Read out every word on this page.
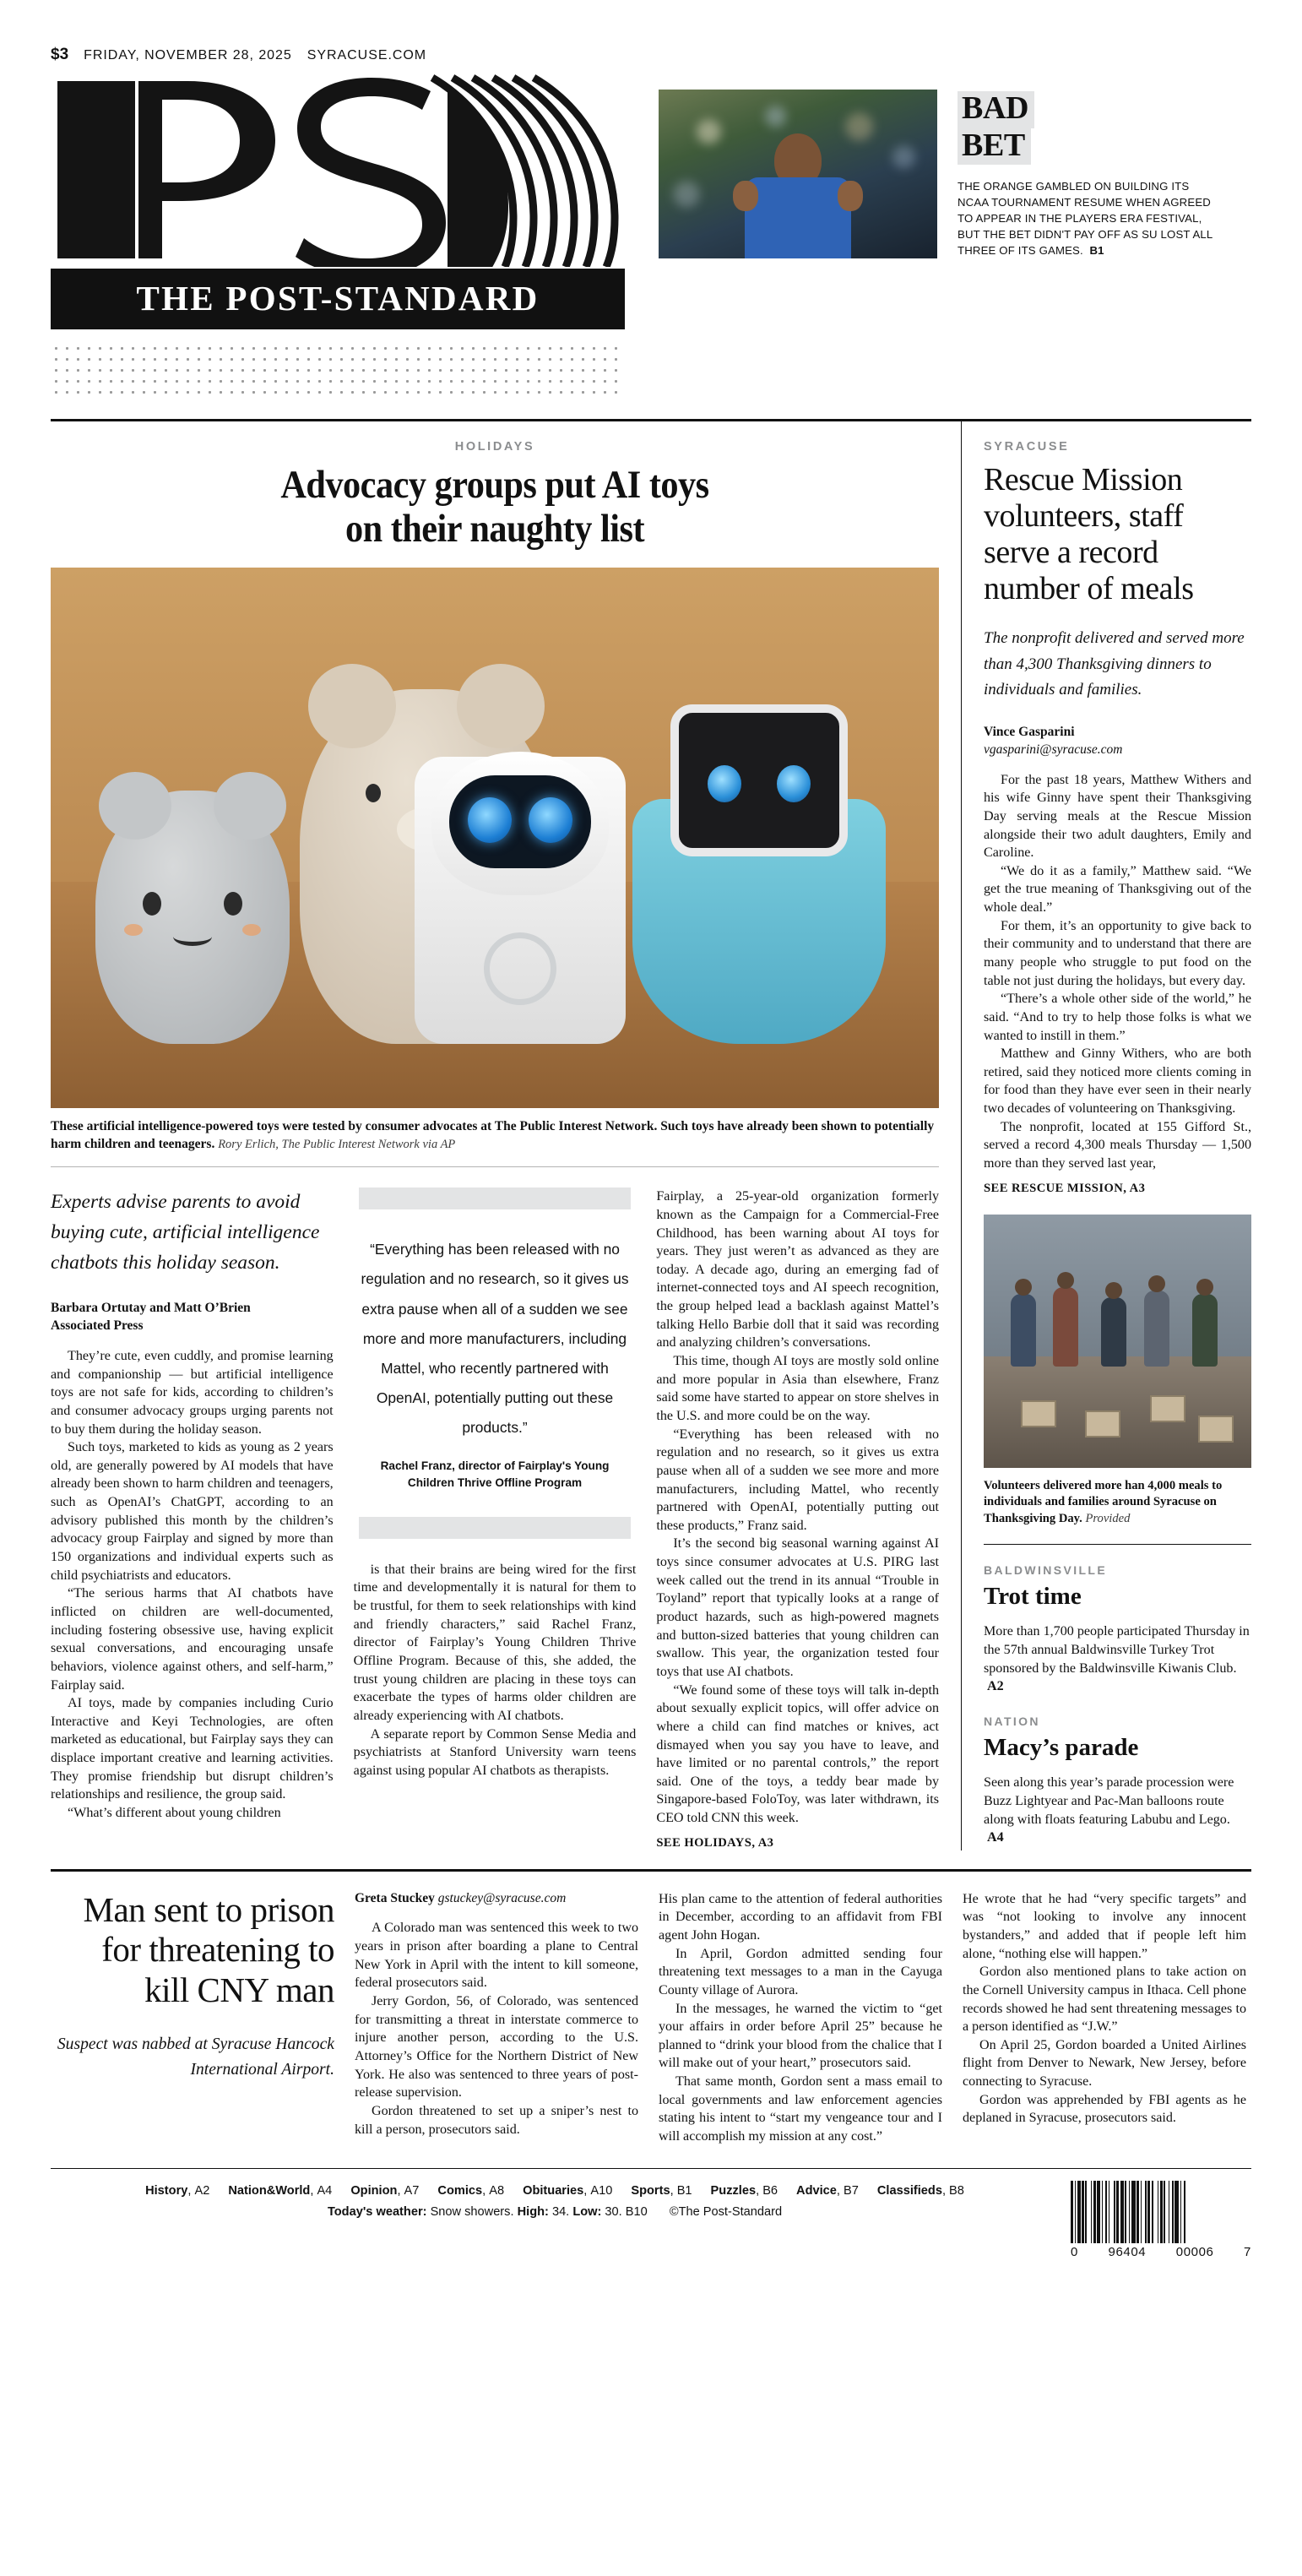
$3 FRIDAY, NOVEMBER 28, 2025 SYRACUSE.COM
THE POST-STANDARD
BAD
BET
THE ORANGE GAMBLED ON BUILDING ITS NCAA TOURNAMENT RESUME WHEN AGREED TO APPEAR IN THE PLAYERS ERA FESTIVAL, BUT THE BET DIDN'T PAY OFF AS SU LOST ALL THREE OF ITS GAMES. B1
HOLIDAYS
Advocacy groups put AI toys
on their naughty list
These artificial intelligence-powered toys were tested by consumer advocates at The Public Interest Network. Such toys have already been shown to potentially harm children and teenagers. Rory Erlich, The Public Interest Network via AP
Experts advise parents to avoid buying cute, artificial intelligence chatbots this holiday season.
Barbara Ortutay and Matt O’Brien
Associated Press

They’re cute, even cuddly, and promise learning and companionship — but artificial intelligence toys are not safe for kids, according to children’s and consumer advocacy groups urging parents not to buy them during the holiday season.

Such toys, marketed to kids as young as 2 years old, are generally powered by AI models that have already been shown to harm children and teenagers, such as OpenAI’s ChatGPT, according to an advisory published this month by the children’s advocacy group Fairplay and signed by more than 150 organizations and individual experts such as child psychiatrists and educators.

“The serious harms that AI chatbots have inflicted on children are well-documented, including fostering obsessive use, having explicit sexual conversations, and encouraging unsafe behaviors, violence against others, and self-harm,” Fairplay said.

AI toys, made by companies including Curio Interactive and Keyi Technologies, are often marketed as educational, but Fairplay says they can displace important creative and learning activities. They promise friendship but disrupt children’s relationships and resilience, the group said.

“What’s different about young children

“Everything has been released with no regulation and no research, so it gives us extra pause when all of a sudden we see more and more manufacturers, including Mattel, who recently partnered with OpenAI, potentially putting out these products.”
Rachel Franz, director of Fairplay's Young Children Thrive Offline Program

is that their brains are being wired for the first time and developmentally it is natural for them to be trustful, for them to seek relationships with kind and friendly characters,” said Rachel Franz, director of Fairplay’s Young Children Thrive Offline Program. Because of this, she added, the trust young children are placing in these toys can exacerbate the types of harms older children are already experiencing with AI chatbots.

A separate report by Common Sense Media and psychiatrists at Stanford University warn teens against using popular AI chatbots as therapists.

Fairplay, a 25-year-old organization formerly known as the Campaign for a Commercial-Free Childhood, has been warning about AI toys for years. They just weren’t as advanced as they are today. A decade ago, during an emerging fad of internet-connected toys and AI speech recognition, the group helped lead a backlash against Mattel’s talking Hello Barbie doll that it said was recording and analyzing children’s conversations.

This time, though AI toys are mostly sold online and more popular in Asia than elsewhere, Franz said some have started to appear on store shelves in the U.S. and more could be on the way.

“Everything has been released with no regulation and no research, so it gives us extra pause when all of a sudden we see more and more manufacturers, including Mattel, who recently partnered with OpenAI, potentially putting out these products,” Franz said.

It’s the second big seasonal warning against AI toys since consumer advocates at U.S. PIRG last week called out the trend in its annual “Trouble in Toyland” report that typically looks at a range of product hazards, such as high-powered magnets and button-sized batteries that young children can swallow. This year, the organization tested four toys that use AI chatbots.

“We found some of these toys will talk in-depth about sexually explicit topics, will offer advice on where a child can find matches or knives, act dismayed when you say you have to leave, and have limited or no parental controls,” the report said. One of the toys, a teddy bear made by Singapore-based FoloToy, was later withdrawn, its CEO told CNN this week.

SEE HOLIDAYS, A3
SYRACUSE
Rescue Mission volunteers, staff serve a record number of meals
The nonprofit delivered and served more than 4,300 Thanksgiving dinners to individuals and families.
Vince Gasparini
vgasparini@syracuse.com

For the past 18 years, Matthew Withers and his wife Ginny have spent their Thanksgiving Day serving meals at the Rescue Mission alongside their two adult daughters, Emily and Caroline.

“We do it as a family,” Matthew said. “We get the true meaning of Thanksgiving out of the whole deal.”

For them, it’s an opportunity to give back to their community and to understand that there are many people who struggle to put food on the table not just during the holidays, but every day.

“There’s a whole other side of the world,” he said. “And to try to help those folks is what we wanted to instill in them.”

Matthew and Ginny Withers, who are both retired, said they noticed more clients coming in for food than they have ever seen in their nearly two decades of volunteering on Thanksgiving.

The nonprofit, located at 155 Gifford St., served a record 4,300 meals Thursday — 1,500 more than they served last year,

SEE RESCUE MISSION, A3
Volunteers delivered more han 4,000 meals to individuals and families around Syracuse on Thanksgiving Day. Provided
BALDWINSVILLE
Trot time
More than 1,700 people participated Thursday in the 57th annual Baldwinsville Turkey Trot sponsored by the Baldwinsville Kiwanis Club.  A2
NATION
Macy’s parade
Seen along this year’s parade procession were Buzz Lightyear and Pac-Man balloons route along with floats featuring Labubu and Lego.  A4
Man sent to prison for threatening to kill CNY man
Suspect was nabbed at Syracuse Hancock International Airport.
Greta Stuckey gstuckey@syracuse.com

A Colorado man was sentenced this week to two years in prison after boarding a plane to Central New York in April with the intent to kill someone, federal prosecutors said.

Jerry Gordon, 56, of Colorado, was sentenced for transmitting a threat in interstate commerce to injure another person, according to the U.S. Attorney’s Office for the Northern District of New York. He also was sentenced to three years of post-release supervision.

Gordon threatened to set up a sniper’s nest to kill a person, prosecutors said.

His plan came to the attention of federal authorities in December, according to an affidavit from FBI agent John Hogan.

In April, Gordon admitted sending four threatening text messages to a man in the Cayuga County village of Aurora.

In the messages, he warned the victim to “get your affairs in order before April 25” because he planned to “drink your blood from the chalice that I will make out of your heart,” prosecutors said.

That same month, Gordon sent a mass email to local governments and law enforcement agencies stating his intent to “start my vengeance tour and I will accomplish my mission at any cost.”

He wrote that he had “very specific targets” and was “not looking to involve any innocent bystanders,” and added that if people left him alone, “nothing else will happen.”

Gordon also mentioned plans to take action on the Cornell University campus in Ithaca. Cell phone records showed he had sent threatening messages to a person identified as “J.W.”

On April 25, Gordon boarded a United Airlines flight from Denver to Newark, New Jersey, before connecting to Syracuse.

Gordon was apprehended by FBI agents as he deplaned in Syracuse, prosecutors said.

History, A2 Nation&World, A4 Opinion, A7 Comics, A8 Obituaries, A10 Sports, B1 Puzzles, B6 Advice, B7 Classifieds, B8
Today's weather: Snow showers. High: 34. Low: 30. B10 ©The Post-Standard
0 96404 00006 7
